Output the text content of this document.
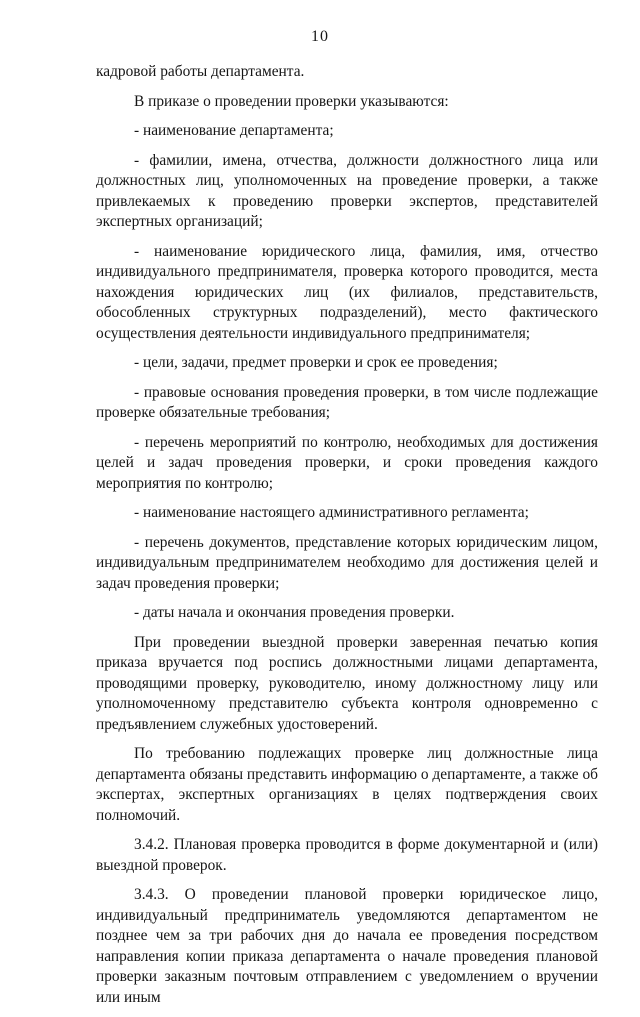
10

кадровой работы департамента.

В приказе о проведении проверки указываются:

- наименование департамента;

- фамилии, имена, отчества, должности должностного лица или должностных лиц, уполномоченных на проведение проверки, а также привлекаемых к проведению проверки экспертов, представителей экспертных организаций;

- наименование юридического лица, фамилия, имя, отчество индивидуального предпринимателя, проверка которого проводится, места нахождения юридических лиц (их филиалов, представительств, обособленных структурных подразделений), место фактического осуществления деятельности индивидуального предпринимателя;

- цели, задачи, предмет проверки и срок ее проведения;

- правовые основания проведения проверки, в том числе подлежащие проверке обязательные требования;

- перечень мероприятий по контролю, необходимых для достижения целей и задач проведения проверки, и сроки проведения каждого мероприятия по контролю;

- наименование настоящего административного регламента;

- перечень документов, представление которых юридическим лицом, индивидуальным предпринимателем необходимо для достижения целей и задач проведения проверки;

- даты начала и окончания проведения проверки.

При проведении выездной проверки заверенная печатью копия приказа вручается под роспись должностными лицами департамента, проводящими проверку, руководителю, иному должностному лицу или уполномоченному представителю субъекта контроля одновременно с предъявлением служебных удостоверений.

По требованию подлежащих проверке лиц должностные лица департамента обязаны представить информацию о департаменте, а также об экспертах, экспертных организациях в целях подтверждения своих полномочий.

3.4.2. Плановая проверка проводится в форме документарной и (или) выездной проверок.

3.4.3. О проведении плановой проверки юридическое лицо, индивидуальный предприниматель уведомляются департаментом не позднее чем за три рабочих дня до начала ее проведения посредством направления копии приказа департамента о начале проведения плановой проверки заказным почтовым отправлением с уведомлением о вручении или иным
